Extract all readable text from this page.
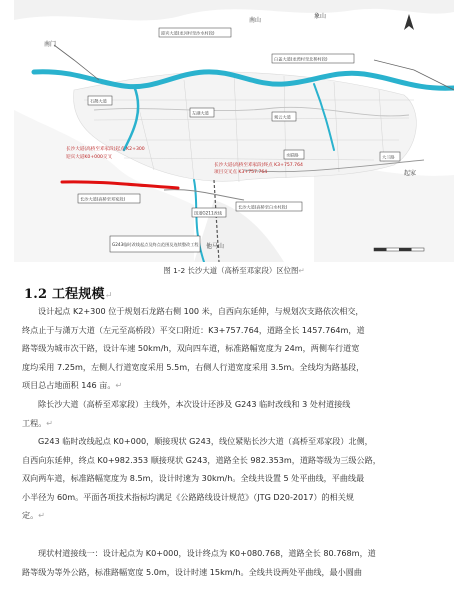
南门
南山
起家
他马山
象山
迎宾大道(龙河村至沙水村段)
白盖大道(龙湾村至北桥村段)
石鹊大道
左湖大道
观云大道
水联路	大兰路
长沙大道(高桥至邓家段)
长沙大道(高桥至白水村段)
国道G211改线
G243临时改线起点及终点范围及连续整改工程
长沙大道(高桥至邓家段)起点 K2+300
迎宾大道K0+000交叉
长沙大道(高桥至邓家段)终点 K3+757.764
项目交叉点 K3+757.764
图 1-2 长沙大道（高桥至邓家段）区位图↵
1.2 工程规模↵
设计起点 K2+300 位于规划石龙路右侧 100 米，自西向东延伸，与规划次支路依次相交，
终点止于与潇万大道（左元至高桥段）平交口附近：K3+757.764，道路全长 1457.764m，道
路等级为城市次干路，设计车速 50km/h，双向四车道，标准路幅宽度为 24m，两侧车行道宽
度均采用 7.25m，左侧人行道宽度采用 5.5m，右侧人行道宽度采用 3.5m。全线均为路基段，
项目总占地面积 146 亩。↵
除长沙大道（高桥至邓家段）主线外，本次设计还涉及 G243 临时改线和 3 处村道接线
工程。↵
G243 临时改线起点 K0+000，顺接现状 G243，线位紧贴长沙大道（高桥至邓家段）北侧，
自西向东延伸，终点 K0+982.353 顺接现状 G243，道路全长 982.353m，道路等级为三级公路，
双向两车道，标准路幅宽度为 8.5m，设计时速为 30km/h。全线共设置 5 处平曲线，平曲线最
小半径为 60m。平面各项技术指标均满足《公路路线设计规范》（JTG D20-2017）的相关规
定。↵
现状村道接线一：设计起点为 K0+000，设计终点为 K0+080.768，道路全长 80.768m，道
路等级为等外公路，标准路幅宽度 5.0m，设计时速 15km/h。全线共设两处平曲线，最小圆曲
